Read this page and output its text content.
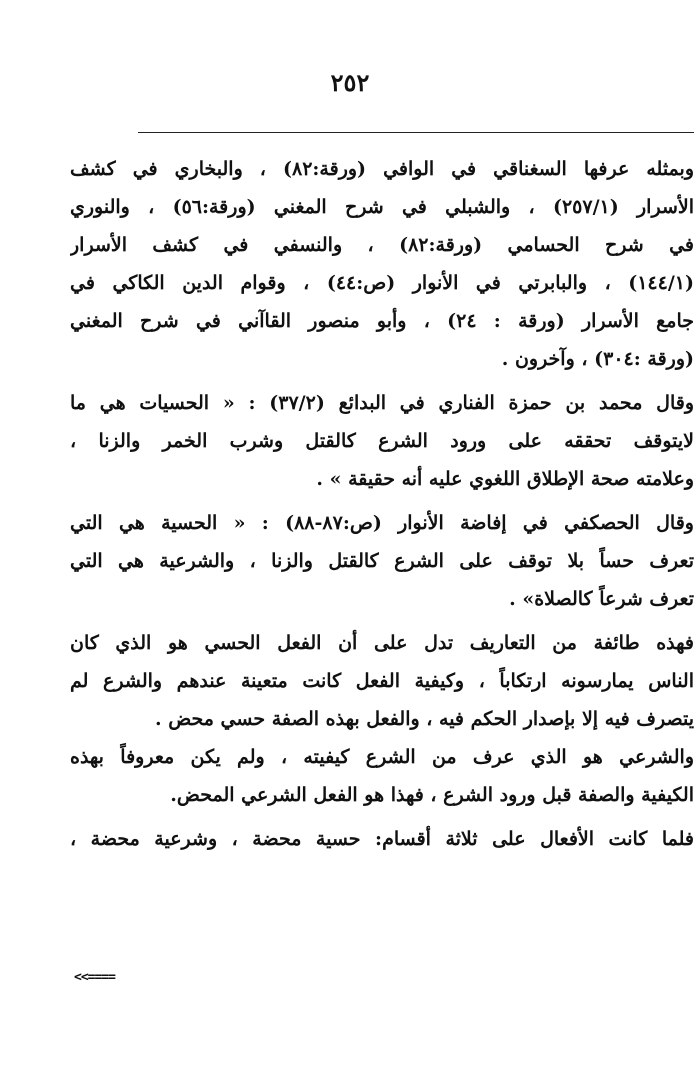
٢٥٢
وبمثله عرفها السغناقي في الوافي (ورقة:٨٢) ، والبخاري في كشف
الأسرار (٢٥٧/١) ، والشبلي في شرح المغني (ورقة:٥٦) ، والنوري
في شرح الحسامي (ورقة:٨٢) ، والنسفي في كشف الأسرار
(١٤٤/١) ، والبابرتي في الأنوار (ص:٤٤) ، وقوام الدين الكاكي في
جامع الأسرار (ورقة : ٢٤) ، وأبو منصور القاآني في شرح المغني
(ورقة :٣٠٤) ، وآخرون .
وقال محمد بن حمزة الفناري في البدائع (٣٧/٢) : « الحسيات هي ما
لايتوقف تحققه على ورود الشرع كالقتل وشرب الخمر والزنا ،
وعلامته صحة الإطلاق اللغوي عليه أنه حقيقة » .
وقال الحصكفي في إفاضة الأنوار (ص:٨٧-٨٨) : « الحسية هي التي
تعرف حساً بلا توقف على الشرع كالقتل والزنا ، والشرعية هي التي
تعرف شرعاً كالصلاة» .
فهذه طائفة من التعاريف تدل على أن الفعل الحسي هو الذي كان
الناس يمارسونه ارتكاباً ، وكيفية الفعل كانت متعينة عندهم والشرع لم
يتصرف فيه إلا بإصدار الحكم فيه ، والفعل بهذه الصفة حسي محض .
والشرعي هو الذي عرف من الشرع كيفيته ، ولم يكن معروفاً بهذه
الكيفية والصفة قبل ورود الشرع ، فهذا هو الفعل الشرعي المحض.
فلما كانت الأفعال على ثلاثة أقسام: حسية محضة ، وشرعية محضة ،
<<====
